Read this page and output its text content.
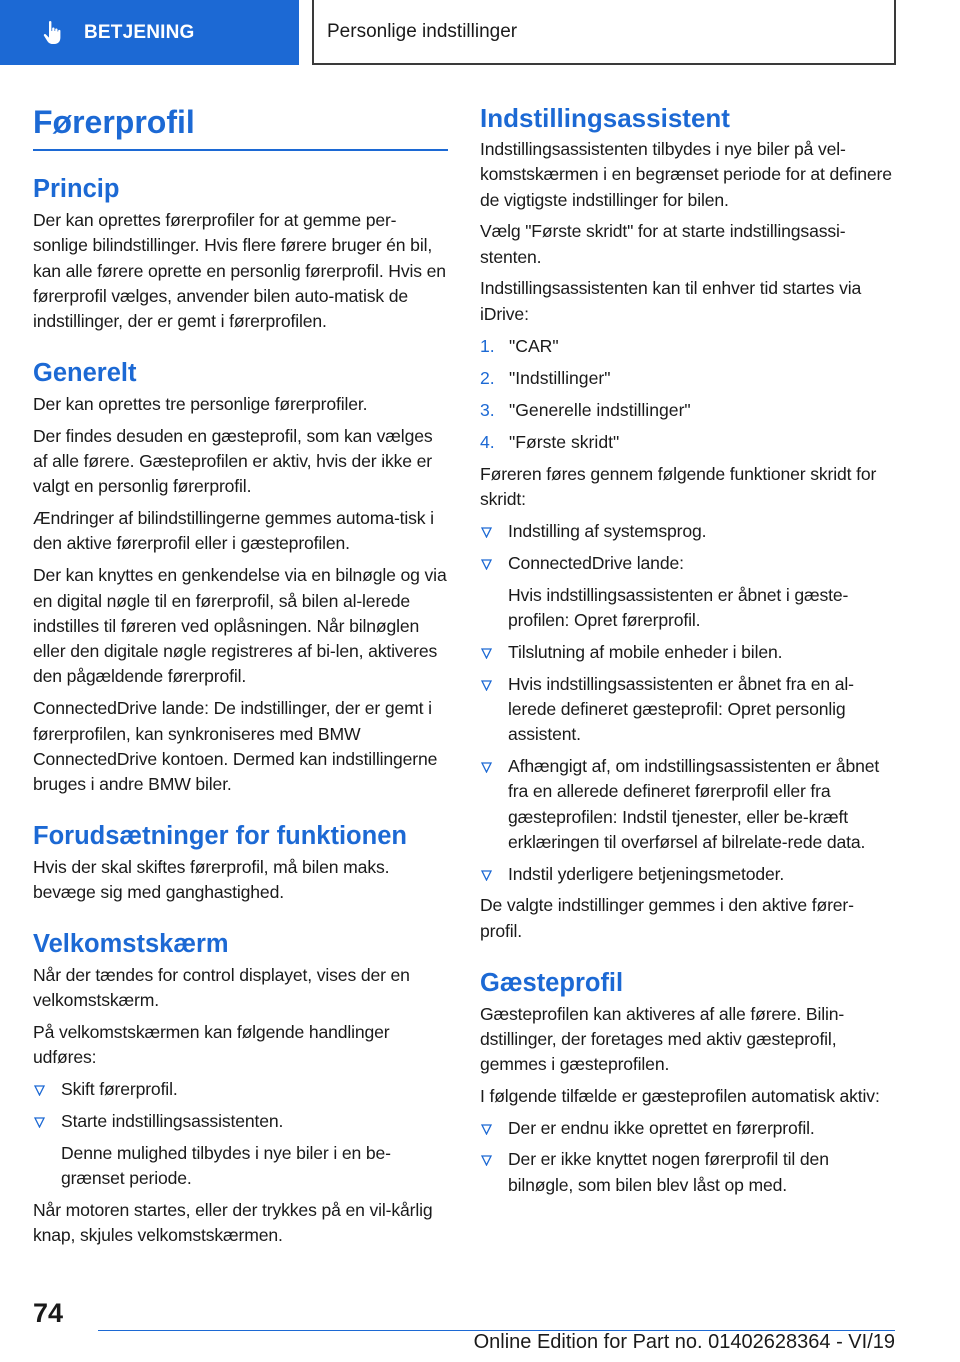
BETJENING	Personlige indstillinger
Førerprofil
Princip

Der kan oprettes førerprofiler for at gemme per-sonlige bilindstillinger. Hvis flere førere bruger én bil, kan alle førere oprette en personlig førerprofil. Hvis en førerprofil vælges, anvender bilen auto-matisk de indstillinger, der er gemt i førerprofilen.

Generelt

Der kan oprettes tre personlige førerprofiler.

Der findes desuden en gæsteprofil, som kan vælges af alle førere. Gæsteprofilen er aktiv, hvis der ikke er valgt en personlig førerprofil.

Ændringer af bilindstillingerne gemmes automa-tisk i den aktive førerprofil eller i gæsteprofilen.

Der kan knyttes en genkendelse via en bilnøgle og via en digital nøgle til en førerprofil, så bilen al-lerede indstilles til føreren ved oplåsningen. Når bilnøglen eller den digitale nøgle registreres af bi-len, aktiveres den pågældende førerprofil.

ConnectedDrive lande: De indstillinger, der er gemt i førerprofilen, kan synkroniseres med BMW ConnectedDrive kontoen. Dermed kan indstillingerne bruges i andre BMW biler.

Forudsætninger for funktionen

Hvis der skal skiftes førerprofil, må bilen maks. bevæge sig med ganghastighed.

Velkomstskærm

Når der tændes for control displayet, vises der en velkomstskærm.

På velkomstskærmen kan følgende handlinger udføres:

Skift førerprofil.
Starte indstillingsassistenten.
Denne mulighed tilbydes i nye biler i en be-grænset periode.

Når motoren startes, eller der trykkes på en vil-kårlig knap, skjules velkomstskærmen.

Indstillingsassistent

Indstillingsassistenten tilbydes i nye biler på vel-komstskærmen i en begrænset periode for at definere de vigtigste indstillinger for bilen.

Vælg "Første skridt" for at starte indstillingsassi-stenten.

Indstillingsassistenten kan til enhver tid startes via iDrive:

1. "CAR"
2. "Indstillinger"
3. "Generelle indstillinger"
4. "Første skridt"

Føreren føres gennem følgende funktioner skridt for skridt:

Indstilling af systemsprog.
ConnectedDrive lande:
Hvis indstillingsassistenten er åbnet i gæste-profilen: Opret førerprofil.
Tilslutning af mobile enheder i bilen.
Hvis indstillingsassistenten er åbnet fra en al-lerede defineret gæsteprofil: Opret personlig assistent.
Afhængigt af, om indstillingsassistenten er åbnet fra en allerede defineret førerprofil eller fra gæsteprofilen: Indstil tjenester, eller be-kræft erklæringen til overførsel af bilrelate-rede data.
Indstil yderligere betjeningsmetoder.

De valgte indstillinger gemmes i den aktive fører-profil.

Gæsteprofil

Gæsteprofilen kan aktiveres af alle førere. Bilin-dstillinger, der foretages med aktiv gæsteprofil, gemmes i gæsteprofilen.

I følgende tilfælde er gæsteprofilen automatisk aktiv:

Der er endnu ikke oprettet en førerprofil.
Der er ikke knyttet nogen førerprofil til den bilnøgle, som bilen blev låst op med.
74
Online Edition for Part no. 01402628364 - VI/19
